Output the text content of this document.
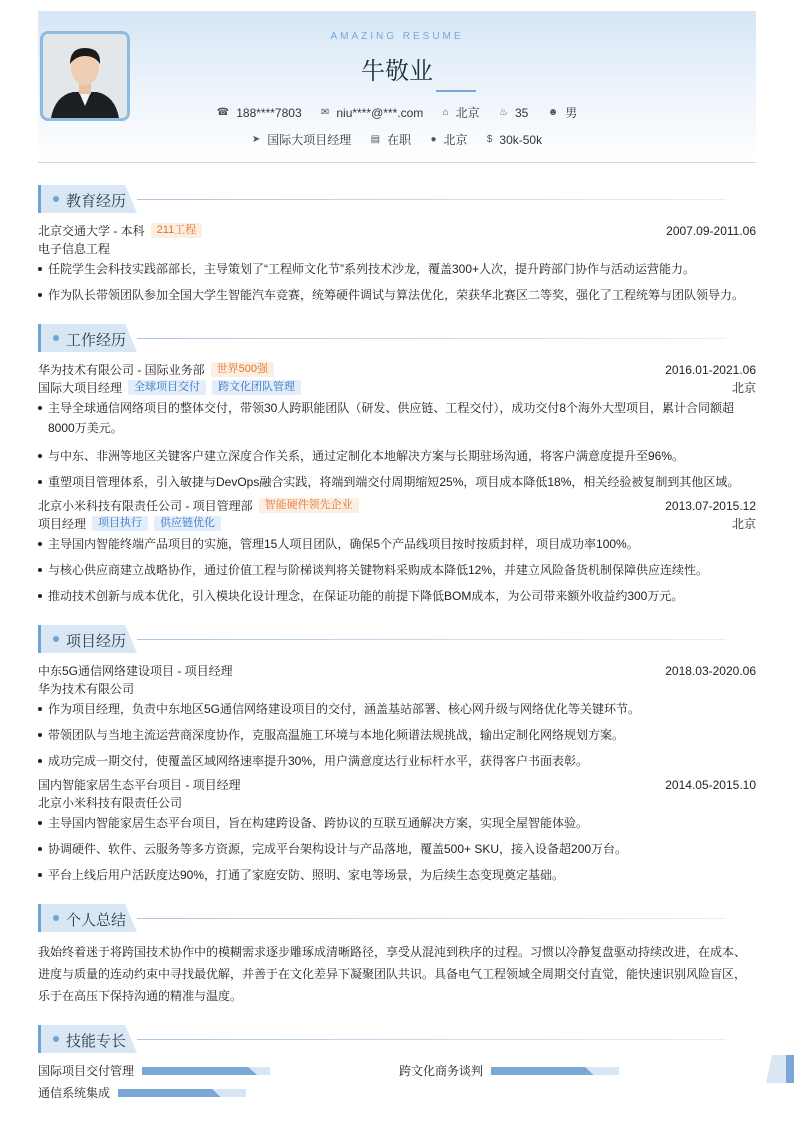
AMAZING RESUME
牛敬业
☎ 188****7803
✉ niu****@***.com
⌂ 北京
♨ 35
☻ 男
➤ 国际大项目经理
▤ 在职
● 北京
$ 30k-50k
教育经历
北京交通大学 - 本科 211工程	2007.09-2011.06
电子信息工程
任院学生会科技实践部部长，主导策划了“工程师文化节”系列技术沙龙，覆盖300+人次，提升跨部门协作与活动运营能力。
作为队长带领团队参加全国大学生智能汽车竞赛，统筹硬件调试与算法优化，荣获华北赛区二等奖，强化了工程统筹与团队领导力。
工作经历
华为技术有限公司 - 国际业务部 世界500强	2016.01-2021.06
国际大项目经理 全球项目交付 跨文化团队管理	北京
主导全球通信网络项目的整体交付，带领30人跨职能团队（研发、供应链、工程交付），成功交付8个海外大型项目，累计合同额超8000万美元。
与中东、非洲等地区关键客户建立深度合作关系，通过定制化本地解决方案与长期驻场沟通，将客户满意度提升至96%。
重塑项目管理体系，引入敏捷与DevOps融合实践，将端到端交付周期缩短25%，项目成本降低18%，相关经验被复制到其他区域。
北京小米科技有限责任公司 - 项目管理部 智能硬件领先企业	2013.07-2015.12
项目经理 项目执行 供应链优化	北京
主导国内智能终端产品项目的实施，管理15人项目团队，确保5个产品线项目按时按质封样，项目成功率100%。
与核心供应商建立战略协作，通过价值工程与阶梯谈判将关键物料采购成本降低12%，并建立风险备货机制保障供应连续性。
推动技术创新与成本优化，引入模块化设计理念，在保证功能的前提下降低BOM成本，为公司带来额外收益约300万元。
项目经历
中东5G通信网络建设项目 - 项目经理	2018.03-2020.06
华为技术有限公司
作为项目经理，负责中东地区5G通信网络建设项目的交付，涵盖基站部署、核心网升级与网络优化等关键环节。
带领团队与当地主流运营商深度协作，克服高温施工环境与本地化频谱法规挑战，输出定制化网络规划方案。
成功完成一期交付，使覆盖区域网络速率提升30%，用户满意度达行业标杆水平，获得客户书面表彰。
国内智能家居生态平台项目 - 项目经理	2014.05-2015.10
北京小米科技有限责任公司
主导国内智能家居生态平台项目，旨在构建跨设备、跨协议的互联互通解决方案，实现全屋智能体验。
协调硬件、软件、云服务等多方资源，完成平台架构设计与产品落地，覆盖500+ SKU，接入设备超200万台。
平台上线后用户活跃度达90%，打通了家庭安防、照明、家电等场景，为后续生态变现奠定基础。
个人总结
我始终着迷于将跨国技术协作中的模糊需求逐步雕琢成清晰路径，享受从混沌到秩序的过程。习惯以冷静复盘驱动持续改进，在成本、进度与质量的连动约束中寻找最优解，并善于在文化差异下凝聚团队共识。具备电气工程领域全周期交付直觉，能快速识别风险盲区，乐于在高压下保持沟通的精准与温度。
技能专长
国际项目交付管理	跨文化商务谈判
通信系统集成
